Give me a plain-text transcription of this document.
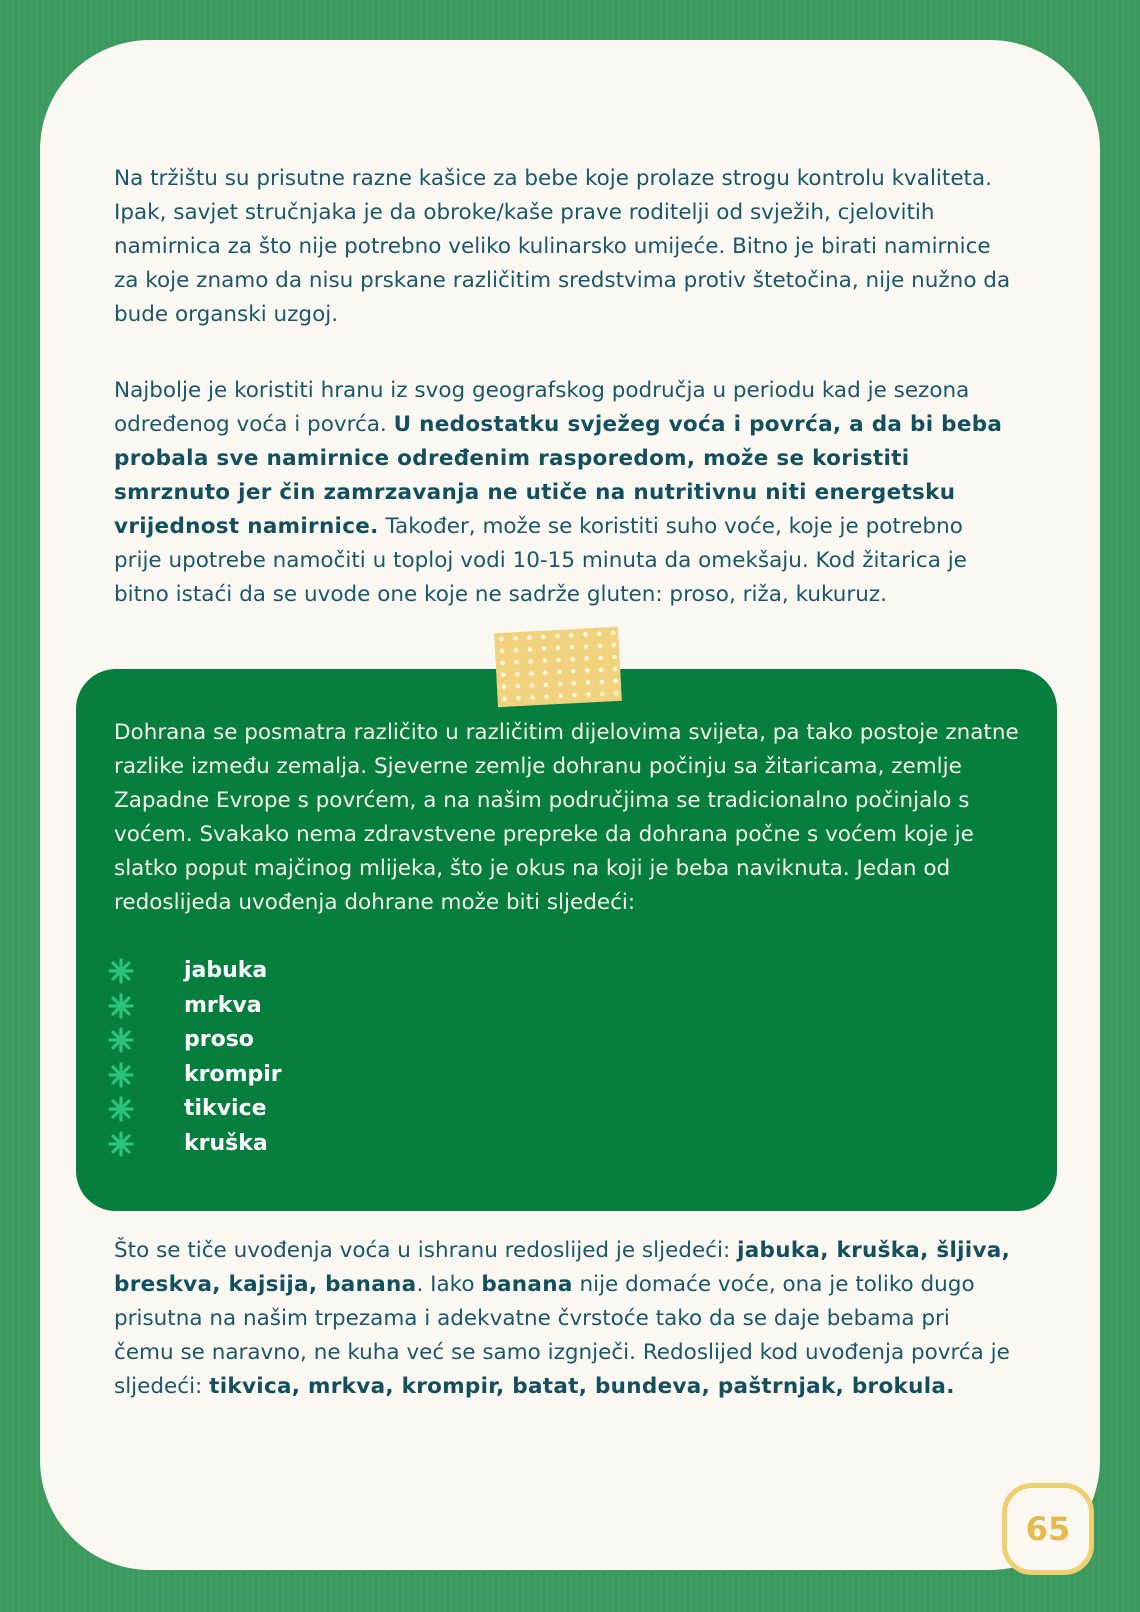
Na tržištu su prisutne razne kašice za bebe koje prolaze strogu kontrolu kvaliteta. Ipak, savjet stručnjaka je da obroke/kaše prave roditelji od svježih, cjelovitih namirnica za što nije potrebno veliko kulinarsko umijeće. Bitno je birati namirnice za koje znamo da nisu prskane različitim sredstvima protiv štetočina, nije nužno da bude organski uzgoj.

Najbolje je koristiti hranu iz svog geografskog područja u periodu kad je sezona određenog voća i povrća. U nedostatku svježeg voća i povrća, a da bi beba probala sve namirnice određenim rasporedom, može se koristiti smrznuto jer čin zamrzavanja ne utiče na nutritivnu niti energetsku vrijednost namirnice. Također, može se koristiti suho voće, koje je potrebno prije upotrebe namočiti u toploj vodi 10-15 minuta da omekšaju. Kod žitarica je bitno istaći da se uvode one koje ne sadrže gluten: proso, riža, kukuruz.

Dohrana se posmatra različito u različitim dijelovima svijeta, pa tako postoje znatne razlike između zemalja. Sjeverne zemlje dohranu počinju sa žitaricama, zemlje Zapadne Evrope s povrćem, a na našim područjima se tradicionalno počinjalo s voćem. Svakako nema zdravstvene prepreke da dohrana počne s voćem koje je slatko poput majčinog mlijeka, što je okus na koji je beba naviknuta. Jedan od redoslijeda uvođenja dohrane može biti sljedeći:

jabuka
mrkva
proso
krompir
tikvice
kruška

Što se tiče uvođenja voća u ishranu redoslijed je sljedeći: jabuka, kruška, šljiva, breskva, kajsija, banana. Iako banana nije domaće voće, ona je toliko dugo prisutna na našim trpezama i adekvatne čvrstoće tako da se daje bebama pri čemu se naravno, ne kuha već se samo izgnječi. Redoslijed kod uvođenja povrća je sljedeći: tikvica, mrkva, krompir, batat, bundeva, paštrnjak, brokula.

65
